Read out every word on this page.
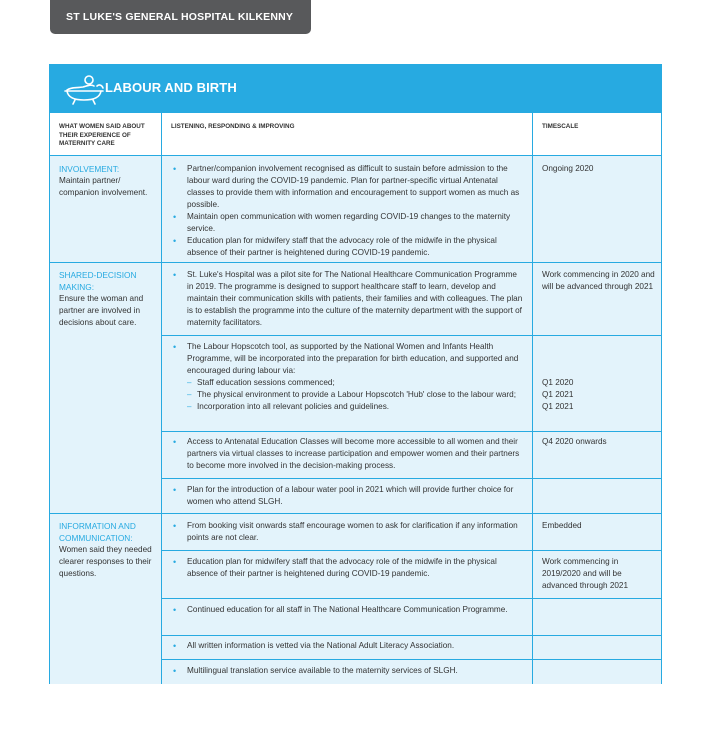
ST LUKE'S GENERAL HOSPITAL KILKENNY
LABOUR AND BIRTH
WHAT WOMEN SAID ABOUT THEIR EXPERIENCE OF MATERNITY CARE
LISTENING, RESPONDING & IMPROVING	TIMESCALE
INVOLVEMENT:
Maintain partner/ companion involvement.
• Partner/companion involvement recognised as difficult to sustain before admission to the labour ward during the COVID-19 pandemic. Plan for partner-specific virtual Antenatal classes to provide them with information and encouragement to support women as much as possible.
• Maintain open communication with women regarding COVID-19 changes to the maternity service.
• Education plan for midwifery staff that the advocacy role of the midwife in the physical absence of their partner is heightened during COVID-19 pandemic.
Ongoing 2020
SHARED-DECISION MAKING:
Ensure the woman and partner are involved in decisions about care.
• St. Luke's Hospital was a pilot site for The National Healthcare Communication Programme in 2019. The programme is designed to support healthcare staff to learn, develop and maintain their communication skills with patients, their families and with colleagues. The plan is to establish the programme into the culture of the maternity department with the support of maternity facilitators.
Work commencing in 2020 and will be advanced through 2021
• The Labour Hopscotch tool, as supported by the National Women and Infants Health Programme, will be incorporated into the preparation for birth education, and supported and encouraged during labour via:
– Staff education sessions commenced;
– The physical environment to provide a Labour Hopscotch 'Hub' close to the labour ward;
– Incorporation into all relevant policies and guidelines.
Q1 2020
Q1 2021
Q1 2021
• Access to Antenatal Education Classes will become more accessible to all women and their partners via virtual classes to increase participation and empower women and their partners to become more involved in the decision-making process.
Q4 2020 onwards
• Plan for the introduction of a labour water pool in 2021 which will provide further choice for women who attend SLGH.
INFORMATION AND COMMUNICATION:
Women said they needed clearer responses to their questions.
• From booking visit onwards staff encourage women to ask for clarification if any information points are not clear.
Embedded
• Education plan for midwifery staff that the advocacy role of the midwife in the physical absence of their partner is heightened during COVID-19 pandemic.
Work commencing in 2019/2020 and will be advanced through 2021
• Continued education for all staff in The National Healthcare Communication Programme.
• All written information is vetted via the National Adult Literacy Association.
• Multilingual translation service available to the maternity services of SLGH.
